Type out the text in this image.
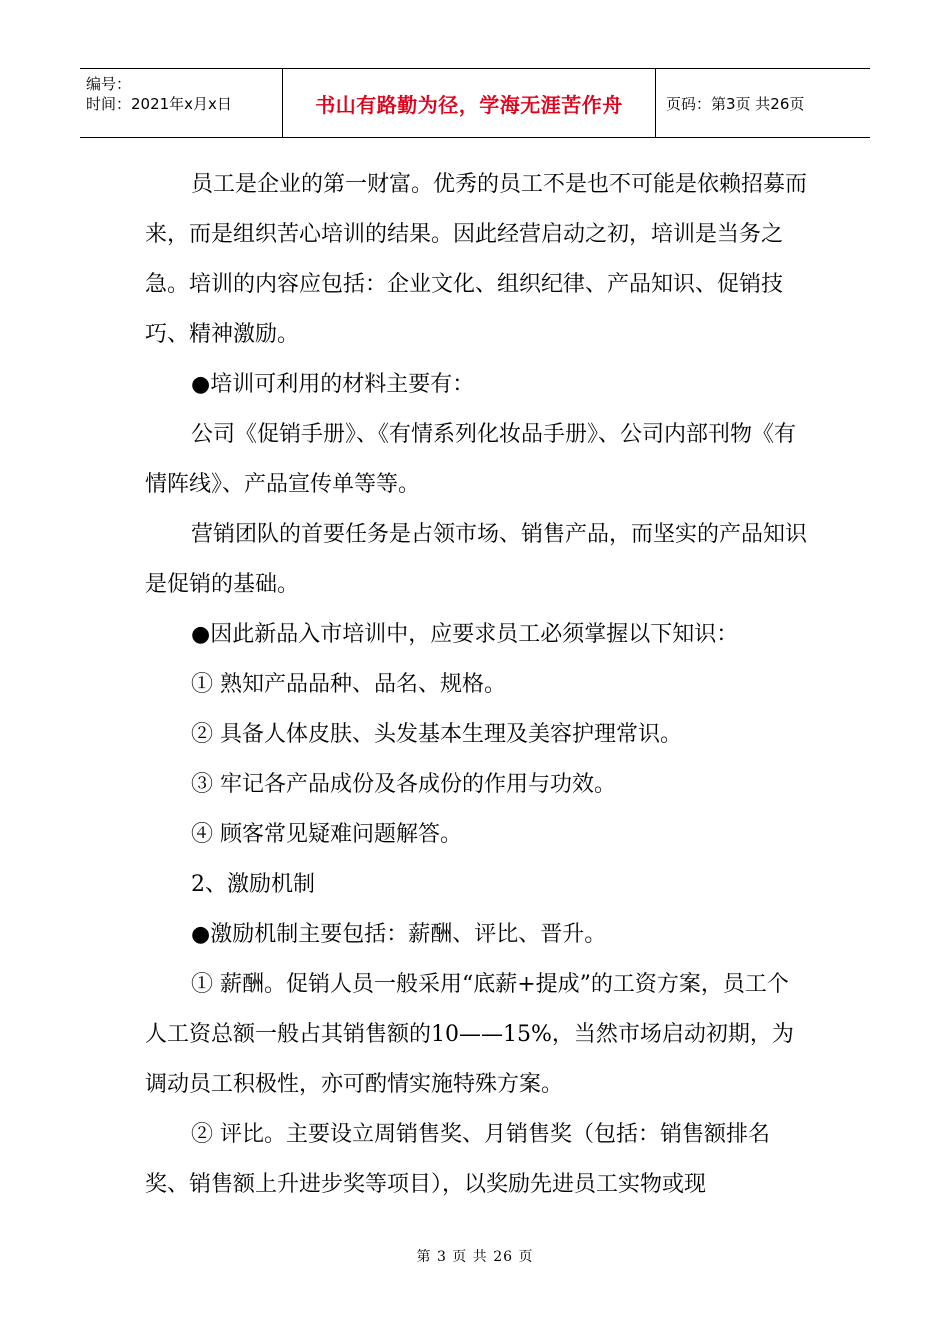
编号：
时间：2021年x月x日	书山有路勤为径，学海无涯苦作舟	页码：第3页 共26页

员工是企业的第一财富。优秀的员工不是也不可能是依赖招募而来，而是组织苦心培训的结果。因此经营启动之初，培训是当务之急。培训的内容应包括：企业文化、组织纪律、产品知识、促销技巧、精神激励。

●培训可利用的材料主要有：

公司《促销手册》、《有情系列化妆品手册》、公司内部刊物《有情阵线》、产品宣传单等等。

营销团队的首要任务是占领市场、销售产品，而坚实的产品知识是促销的基础。

●因此新品入市培训中，应要求员工必须掌握以下知识：

① 熟知产品品种、品名、规格。

② 具备人体皮肤、头发基本生理及美容护理常识。

③ 牢记各产品成份及各成份的作用与功效。

④ 顾客常见疑难问题解答。

2、激励机制

●激励机制主要包括：薪酬、评比、晋升。

① 薪酬。促销人员一般采用“底薪+提成”的工资方案，员工个人工资总额一般占其销售额的10——15%，当然市场启动初期，为调动员工积极性，亦可酌情实施特殊方案。

② 评比。主要设立周销售奖、月销售奖（包括：销售额排名奖、销售额上升进步奖等项目），以奖励先进员工实物或现

第 3 页 共 26 页
